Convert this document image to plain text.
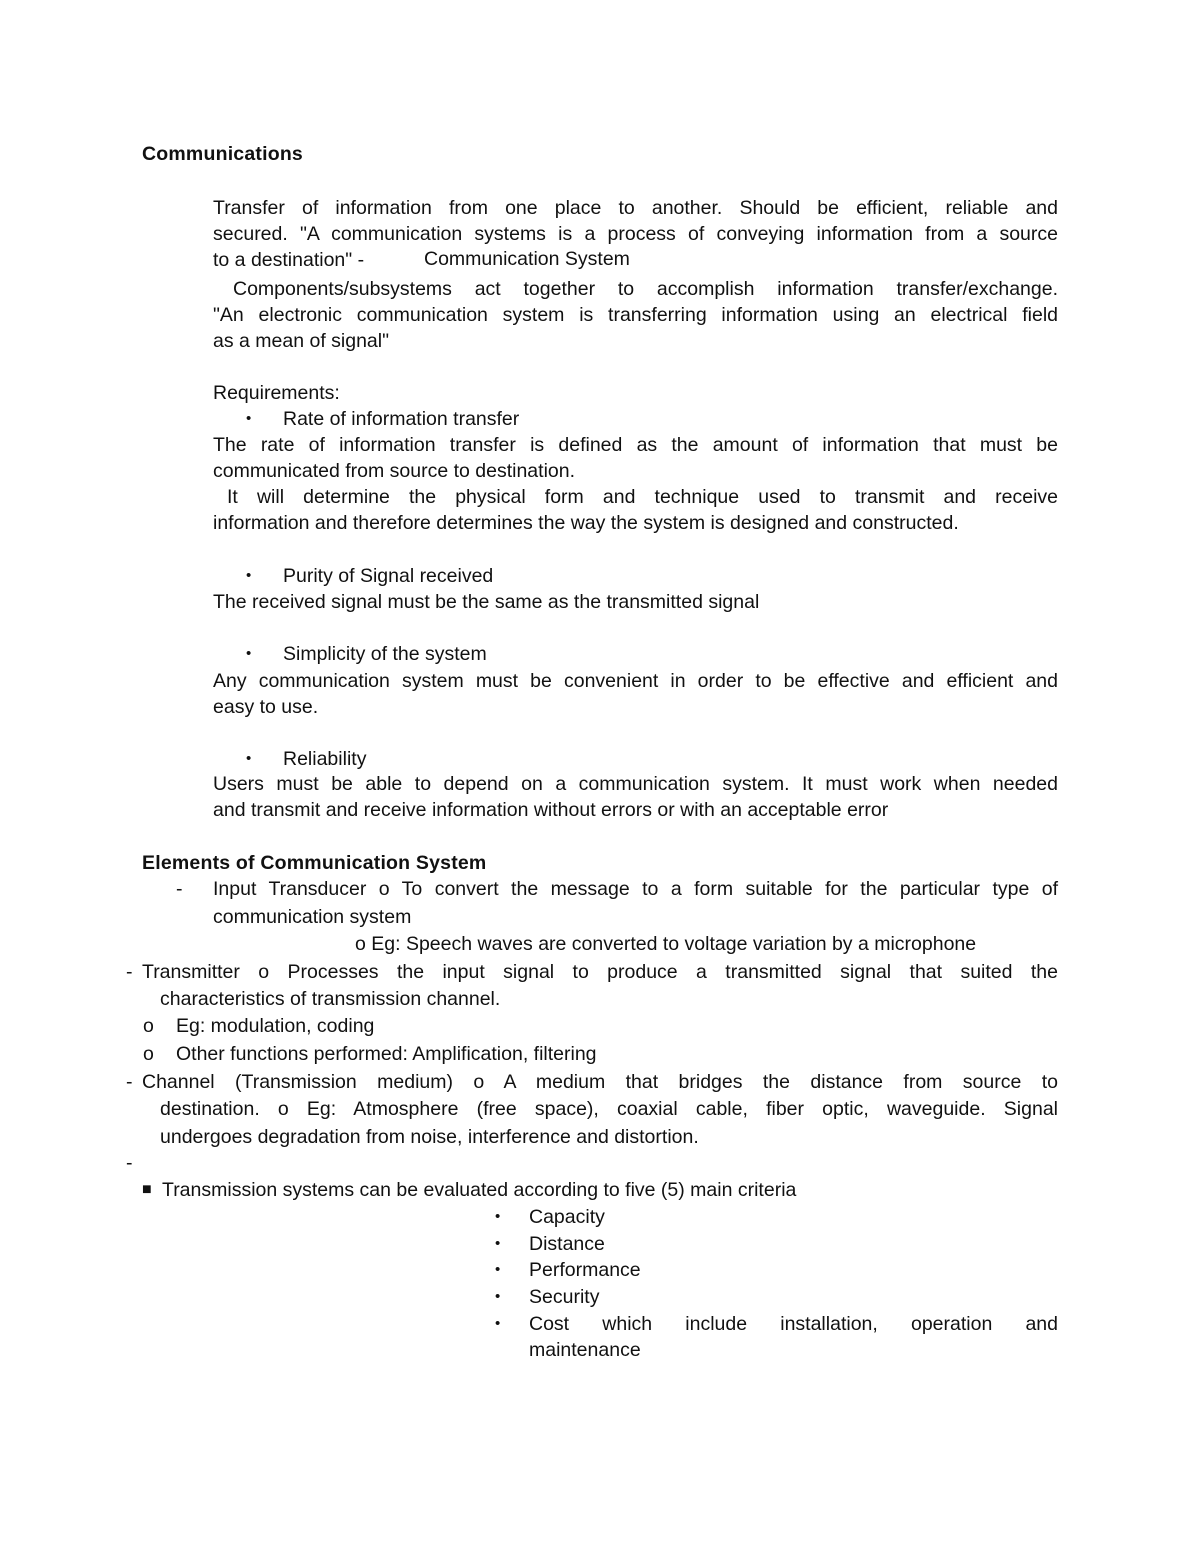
Communications
Transfer of information from one place to another. Should be efficient, reliable and
secured. "A communication systems is a process of conveying information from a source
to a destination" -	Communication System
Components/subsystems act together to accomplish information transfer/exchange.
"An electronic communication system is transferring information using an electrical field
as a mean of signal"
Requirements:
• Rate of information transfer
The rate of information transfer is defined as the amount of information that must be
communicated from source to destination.
It will determine the physical form and technique used to transmit and receive
information and therefore determines the way the system is designed and constructed.
• Purity of Signal received
The received signal must be the same as the transmitted signal
• Simplicity of the system
Any communication system must be convenient in order to be effective and efficient and
easy to use.
• Reliability
Users must be able to depend on a communication system. It must work when needed
and transmit and receive information without errors or with an acceptable error
Elements of Communication System
- Input Transducer o To convert the message to a form suitable for the particular type of
communication system
o Eg: Speech waves are converted to voltage variation by a microphone
- Transmitter o Processes the input signal to produce a transmitted signal that suited the
characteristics of transmission channel.
o Eg: modulation, coding
o Other functions performed: Amplification, filtering
- Channel (Transmission medium) o A medium that bridges the distance from source to
destination. o Eg: Atmosphere (free space), coaxial cable, fiber optic, waveguide. Signal
undergoes degradation from noise, interference and distortion.
-
■ Transmission systems can be evaluated according to five (5) main criteria
• Capacity
• Distance
• Performance
• Security
• Cost which include installation, operation and
maintenance
